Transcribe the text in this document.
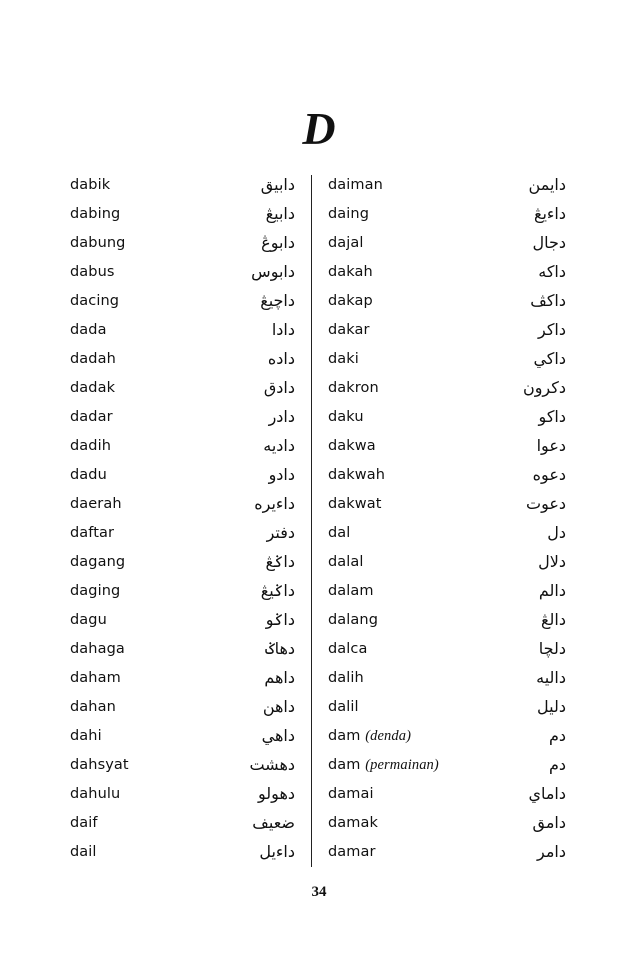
D
dabik	دابيق
dabing	دابيڠ
dabung	دابوڠ
dabus	دابوس
dacing	داچيڠ
dada	دادا
dadah	داده
dadak	دادق
dadar	دادر
dadih	داديه
dadu	دادو
daerah	داءيره
daftar	دفتر
dagang	داݢڠ
daging	داݢيڠ
dagu	داݢو
dahaga	دهاݢ
daham	داهم
dahan	داهن
dahi	داهي
dahsyat	دهشت
dahulu	دهولو
daif	ضعيف
dail	داءيل
daiman	دايمن
daing	داءيڠ
dajal	دجال
dakah	داكه
dakap	داكڤ
dakar	داكر
daki	داكي
dakron	دكرون
daku	داكو
dakwa	دعوا
dakwah	دعوه
dakwat	دعوت
dal	دل
dalal	دلال
dalam	دالم
dalang	دالڠ
dalca	دلچا
dalih	داليه
dalil	دليل
dam (denda)	دم
dam (permainan)	دم
damai	داماي
damak	دامق
damar	دامر
34
